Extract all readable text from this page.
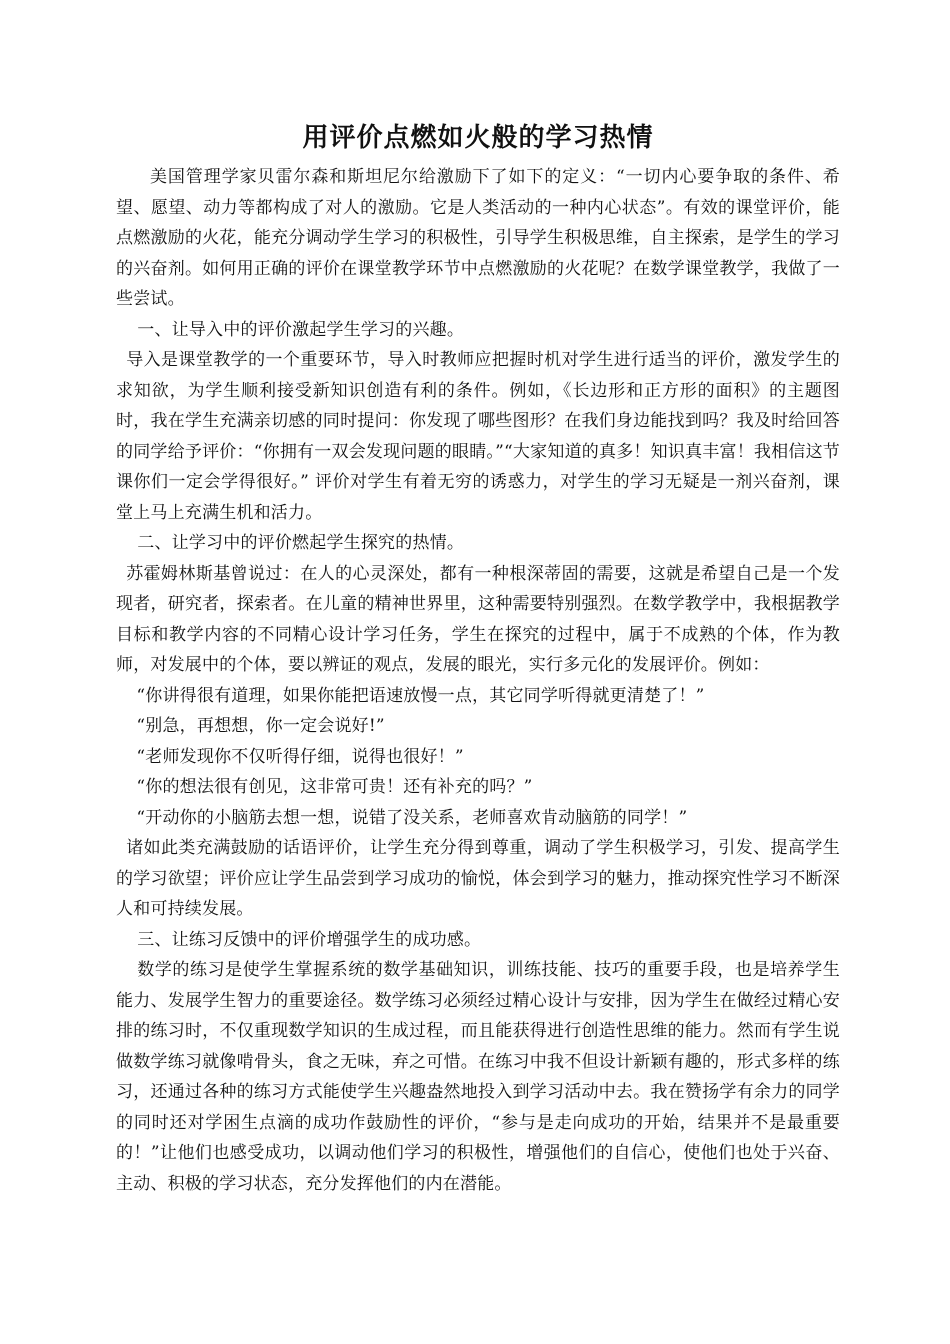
用评价点燃如火般的学习热情

美国管理学家贝雷尔森和斯坦尼尔给激励下了如下的定义：“一切内心要争取的条件、希望、愿望、动力等都构成了对人的激励。它是人类活动的一种内心状态”。有效的课堂评价，能点燃激励的火花，能充分调动学生学习的积极性，引导学生积极思维，自主探索，是学生的学习的兴奋剂。如何用正确的评价在课堂教学环节中点燃激励的火花呢？在数学课堂教学，我做了一些尝试。

一、让导入中的评价激起学生学习的兴趣。

导入是课堂教学的一个重要环节，导入时教师应把握时机对学生进行适当的评价，激发学生的求知欲，为学生顺利接受新知识创造有利的条件。例如，《长边形和正方形的面积》的主题图时，我在学生充满亲切感的同时提问：你发现了哪些图形？在我们身边能找到吗？我及时给回答的同学给予评价：“你拥有一双会发现问题的眼睛。”“大家知道的真多！知识真丰富！我相信这节课你们一定会学得很好。” 评价对学生有着无穷的诱惑力，对学生的学习无疑是一剂兴奋剂，课堂上马上充满生机和活力。

二、让学习中的评价燃起学生探究的热情。

苏霍姆林斯基曾说过：在人的心灵深处，都有一种根深蒂固的需要，这就是希望自己是一个发现者，研究者，探索者。在儿童的精神世界里，这种需要特别强烈。在数学教学中，我根据教学目标和教学内容的不同精心设计学习任务，学生在探究的过程中，属于不成熟的个体，作为教师，对发展中的个体，要以辨证的观点，发展的眼光，实行多元化的发展评价。例如：

“你讲得很有道理，如果你能把语速放慢一点，其它同学听得就更清楚了！”

“别急，再想想，你一定会说好!”

“老师发现你不仅听得仔细，说得也很好！”

“你的想法很有创见，这非常可贵！还有补充的吗？”

“开动你的小脑筋去想一想，说错了没关系，老师喜欢肯动脑筋的同学！”

诸如此类充满鼓励的话语评价，让学生充分得到尊重，调动了学生积极学习，引发、提高学生的学习欲望；评价应让学生品尝到学习成功的愉悦，体会到学习的魅力，推动探究性学习不断深人和可持续发展。

三、让练习反馈中的评价增强学生的成功感。

数学的练习是使学生掌握系统的数学基础知识，训练技能、技巧的重要手段，也是培养学生能力、发展学生智力的重要途径。数学练习必须经过精心设计与安排，因为学生在做经过精心安排的练习时，不仅重现数学知识的生成过程，而且能获得进行创造性思维的能力。然而有学生说做数学练习就像啃骨头，食之无味，弃之可惜。在练习中我不但设计新颖有趣的，形式多样的练习，还通过各种的练习方式能使学生兴趣盎然地投入到学习活动中去。我在赞扬学有余力的同学的同时还对学困生点滴的成功作鼓励性的评价，“参与是走向成功的开始，结果并不是最重要的！”让他们也感受成功，以调动他们学习的积极性，增强他们的自信心，使他们也处于兴奋、主动、积极的学习状态，充分发挥他们的内在潜能。
